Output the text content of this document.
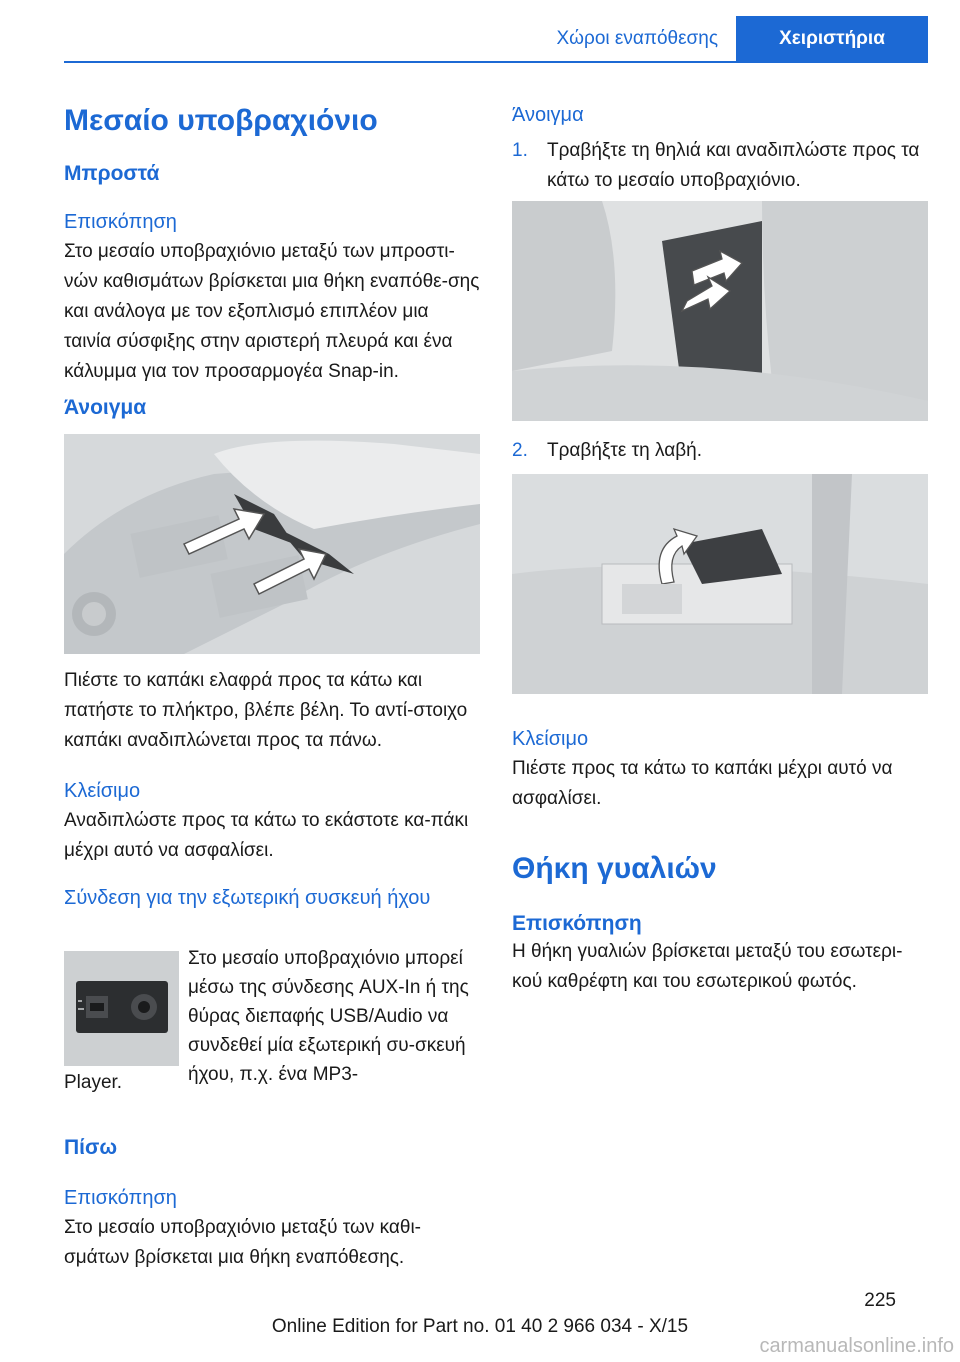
Χώροι εναπόθεσης	Χειριστήρια
Μεσαίο υποβραχιόνιο
Μπροστά
Επισκόπηση

Στο μεσαίο υποβραχιόνιο μεταξύ των μπροστι-νών καθισμάτων βρίσκεται μια θήκη εναπόθε-σης και ανάλογα με τον εξοπλισμό επιπλέον μια ταινία σύσφιξης στην αριστερή πλευρά και ένα κάλυμμα για τον προσαρμογέα Snap-in.

Άνοιγμα

Πιέστε το καπάκι ελαφρά προς τα κάτω και πατήστε το πλήκτρο, βλέπε βέλη. Το αντί-στοιχο καπάκι αναδιπλώνεται προς τα πάνω.

Κλείσιμο

Αναδιπλώστε προς τα κάτω το εκάστοτε κα-πάκι μέχρι αυτό να ασφαλίσει.

Σύνδεση για την εξωτερική συσκευή ήχου

Στο μεσαίο υποβραχιόνιο μπορεί μέσω της σύνδεσης AUX-In ή της θύρας διεπαφής USB/Audio να συνδεθεί μία εξωτερική συ-σκευή ήχου, π.χ. ένα MP3-

Player.
Πίσω
Επισκόπηση

Στο μεσαίο υποβραχιόνιο μεταξύ των καθι-σμάτων βρίσκεται μια θήκη εναπόθεσης.

Άνοιγμα
1. Τραβήξτε τη θηλιά και αναδιπλώστε προς τα κάτω το μεσαίο υποβραχιόνιο.
2. Τραβήξτε τη λαβή.
Κλείσιμο

Πιέστε προς τα κάτω το καπάκι μέχρι αυτό να ασφαλίσει.

Θήκη γυαλιών
Επισκόπηση

Η θήκη γυαλιών βρίσκεται μεταξύ του εσωτερι-κού καθρέφτη και του εσωτερικού φωτός.

225
Online Edition for Part no. 01 40 2 966 034 - X/15
carmanualsonline.info
